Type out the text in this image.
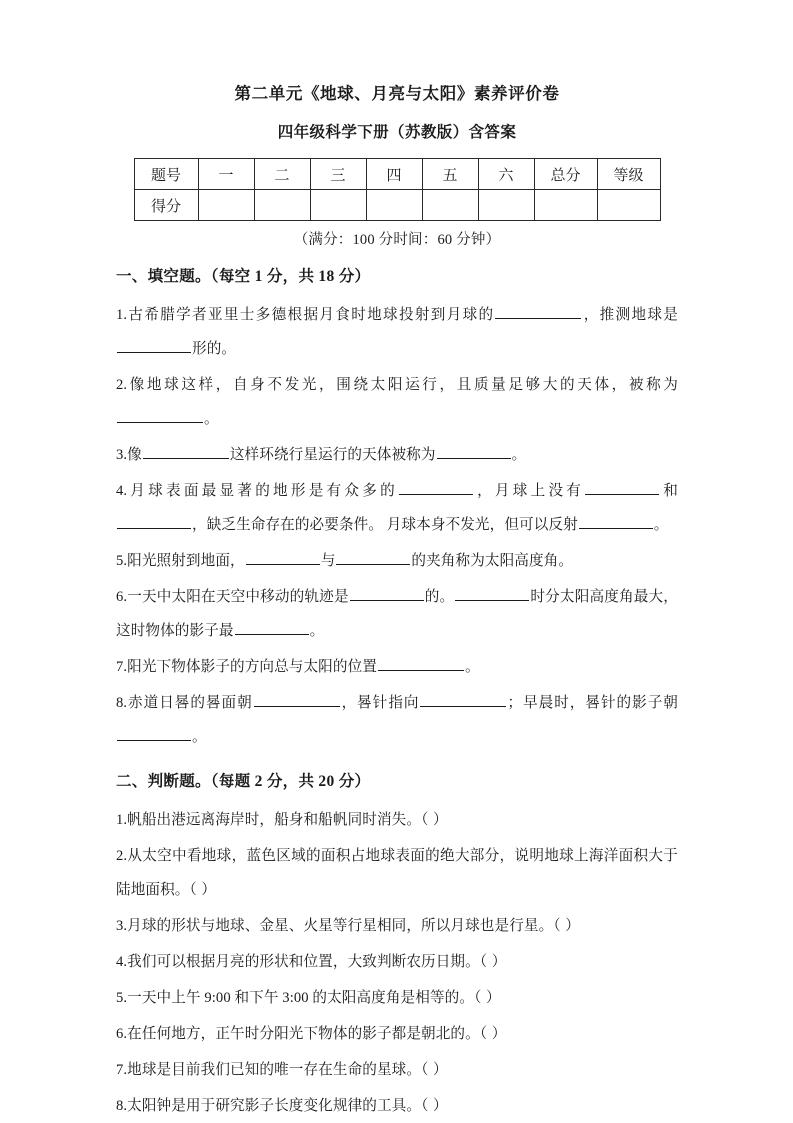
第二单元《地球、月亮与太阳》素养评价卷
四年级科学下册（苏教版）含答案
题号	一	二	三	四	五	六	总分	等级
得分								
（满分：100 分时间：60 分钟）
一、填空题。（每空 1 分，共 18 分）

1.古希腊学者亚里士多德根据月食时地球投射到月球的	，推测地球是形的。

2.像地球这样，自身不发光，围绕太阳运行，且质量足够大的天体，被称为。

3.像	这样环绕行星运行的天体被称为	。

4.月球表面最显著的地形是有众多的	，月球上没有	和，缺乏生命存在的必要条件。 月球本身不发光，但可以反射	。

5.阳光照射到地面，	与	的夹角称为太阳高度角。

6.一天中太阳在天空中移动的轨迹是	的。	时分太阳高度角最大，这时物体的影子最	。

7.阳光下物体影子的方向总与太阳的位置	。

8.赤道日晷的晷面朝	，晷针指向	；早晨时，晷针的影子朝。

二、判断题。（每题 2 分，共 20 分）

1.帆船出港远离海岸时，船身和船帆同时消失。（ ）

2.从太空中看地球，蓝色区域的面积占地球表面的绝大部分，说明地球上海洋面积大于陆地面积。（ ）

3.月球的形状与地球、金星、火星等行星相同，所以月球也是行星。（ ）

4.我们可以根据月亮的形状和位置，大致判断农历日期。（ ）

5.一天中上午 9:00 和下午 3:00 的太阳高度角是相等的。（ ）

6.在任何地方，正午时分阳光下物体的影子都是朝北的。（ ）

7.地球是目前我们已知的唯一存在生命的星球。（ ）

8.太阳钟是用于研究影子长度变化规律的工具。（ ）
